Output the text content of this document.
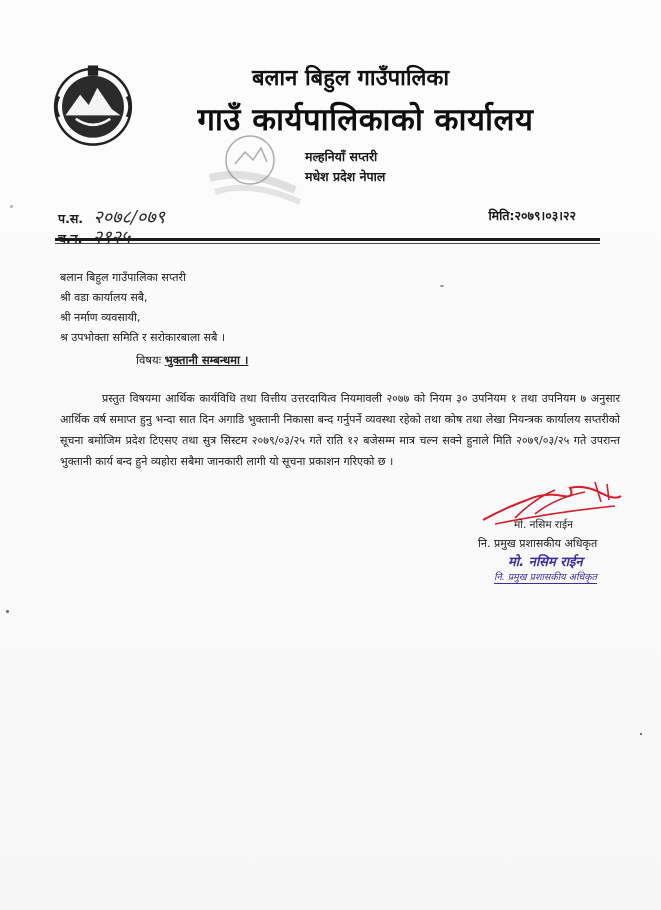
बलान बिहुल गाउँपालिका
गाउँ कार्यपालिकाको कार्यालय
मल्हनियाँ सप्तरी
मधेश प्रदेश नेपाल
प.स. २०७८/०७९	मिति:२०७९।०३।२२
बलान बिहुल गाउँपालिका सप्तरी
श्री वडा कार्यालय सबै,
श्री नर्माण व्यवसायी,
श्र उपभोक्ता समिति र सरोकारबाला सबै ।
विषयः भुक्तानी सम्बन्धमा ।
प्रस्तुत विषयमा आर्थिक कार्यविधि तथा वित्तीय उत्तरदायित्व नियमावली २०७७ को नियम ३० उपनियम १ तथा उपनियम ७ अनुसार आर्थिक वर्ष समाप्त हुनु भन्दा सात दिन अगाडि भुक्तानी निकासा बन्द गर्नुपर्ने व्यवस्था रहेको तथा कोष तथा लेखा नियन्त्रक कार्यालय सप्तरीको सूचना बमोजिम प्रदेश टिएसए तथा सुत्र सिस्टम २०७९/०३/२५ गते राति १२ बजेसम्म मात्र चल्न सक्ने हुनाले मिति २०७९/०३/२५ गते उपरान्त भुक्तानी कार्य बन्द हुने व्यहोरा सबैमा जानकारी लागी यो सूचना प्रकाशन गरिएको छ ।
मो. नसिम राईन
नि. प्रमुख प्रशासकीय अधिकृत
मो. नसिम राईन
नि. प्रमुख प्रशासकीय अधिकृत
